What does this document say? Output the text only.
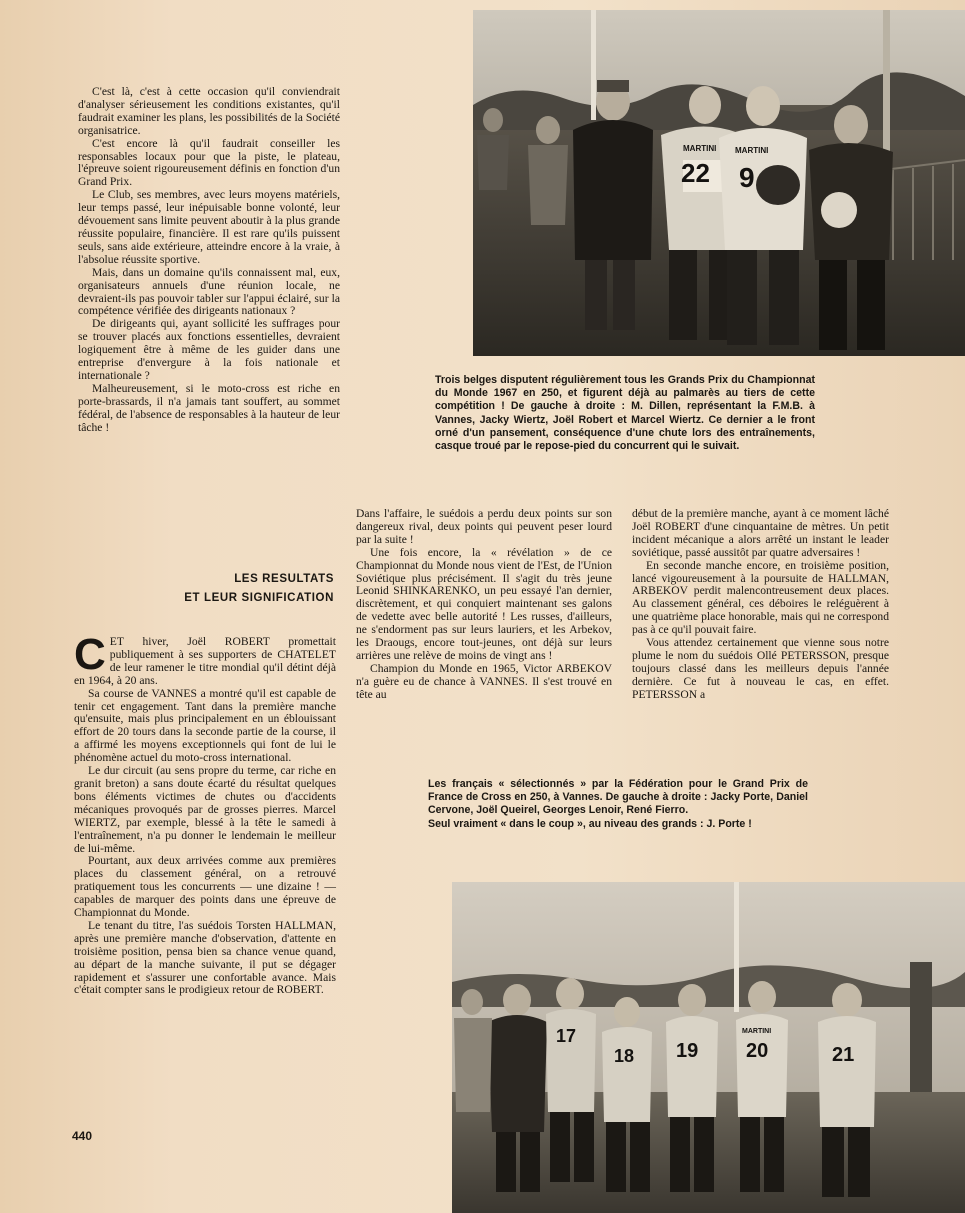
C'est là, c'est à cette occasion qu'il conviendrait d'analyser sérieusement les conditions existantes, qu'il faudrait examiner les plans, les possibilités de la Société organisatrice.

C'est encore là qu'il faudrait conseiller les responsables locaux pour que la piste, le plateau, l'épreuve soient rigoureusement définis en fonction d'un Grand Prix.

Le Club, ses membres, avec leurs moyens matériels, leur temps passé, leur inépuisable bonne volonté, leur dévouement sans limite peuvent aboutir à la plus grande réussite populaire, financière. Il est rare qu'ils puissent seuls, sans aide extérieure, atteindre encore à la vraie, à l'absolue réussite sportive.

Mais, dans un domaine qu'ils connaissent mal, eux, organisateurs annuels d'une réunion locale, ne devraient-ils pas pouvoir tabler sur l'appui éclairé, sur la compétence vérifiée des dirigeants nationaux ?

De dirigeants qui, ayant sollicité les suffrages pour se trouver placés aux fonctions essentielles, devraient logiquement être à même de les guider dans une entreprise d'envergure à la fois nationale et internationale ?

Malheureusement, si le moto-cross est riche en porte-brassards, il n'a jamais tant souffert, au sommet fédéral, de l'absence de responsables à la hauteur de leur tâche !

LES RESULTATS
ET LEUR SIGNIFICATION

CET hiver, Joël ROBERT promettait publiquement à ses supporters de CHATELET de leur ramener le titre mondial qu'il détint déjà en 1964, à 20 ans.

Sa course de VANNES a montré qu'il est capable de tenir cet engagement. Tant dans la première manche qu'ensuite, mais plus principalement en un éblouissant effort de 20 tours dans la seconde partie de la course, il a affirmé les moyens exceptionnels qui font de lui le phénomène actuel du moto-cross international.

Le dur circuit (au sens propre du terme, car riche en granit breton) a sans doute écarté du résultat quelques bons éléments victimes de chutes ou d'accidents mécaniques provoqués par de grosses pierres. Marcel WIERTZ, par exemple, blessé à la tête le samedi à l'entraînement, n'a pu donner le lendemain le meilleur de lui-même.

Pourtant, aux deux arrivées comme aux premières places du classement général, on a retrouvé pratiquement tous les concurrents — une dizaine ! — capables de marquer des points dans une épreuve de Championnat du Monde.

Le tenant du titre, l'as suédois Torsten HALLMAN, après une première manche d'observation, d'attente en troisième position, pensa bien sa chance venue quand, au départ de la manche suivante, il put se dégager rapidement et s'assurer une confortable avance. Mais c'était compter sans le prodigieux retour de ROBERT.

440
22 9
MARTINI MARTINI

Trois belges disputent régulièrement tous les Grands Prix du Championnat du Monde 1967 en 250, et figurent déjà au palmarès au tiers de cette compétition ! De gauche à droite : M. Dillen, représentant la F.M.B. à Vannes, Jacky Wiertz, Joël Robert et Marcel Wiertz. Ce dernier a le front orné d'un pansement, conséquence d'une chute lors des entraînements, casque troué par le repose-pied du concurrent qui le suivait.

Dans l'affaire, le suédois a perdu deux points sur son dangereux rival, deux points qui peuvent peser lourd par la suite !

Une fois encore, la « révélation » de ce Championnat du Monde nous vient de l'Est, de l'Union Soviétique plus précisément. Il s'agit du très jeune Leonid SHINKARENKO, un peu essayé l'an dernier, discrètement, et qui conquiert maintenant ses galons de vedette avec belle autorité ! Les russes, d'ailleurs, ne s'endorment pas sur leurs lauriers, et les Arbekov, les Draougs, encore tout-jeunes, ont déjà sur leurs arrières une relève de moins de vingt ans !

Champion du Monde en 1965, Victor ARBEKOV n'a guère eu de chance à VANNES. Il s'est trouvé en tête au

début de la première manche, ayant à ce moment lâché Joël ROBERT d'une cinquantaine de mètres. Un petit incident mécanique a alors arrêté un instant le leader soviétique, passé aussitôt par quatre adversaires !

En seconde manche encore, en troisième position, lancé vigoureusement à la poursuite de HALLMAN, ARBEKOV perdit malencontreusement deux places. Au classement général, ces déboires le reléguèrent à une quatrième place honorable, mais qui ne correspond pas à ce qu'il pouvait faire.

Vous attendez certainement que vienne sous notre plume le nom du suédois Ollé PETERSSON, presque toujours classé dans les meilleurs depuis l'année dernière. Ce fut à nouveau le cas, en effet. PETERSSON a

Les français « sélectionnés » par la Fédération pour le Grand Prix de France de Cross en 250, à Vannes. De gauche à droite : Jacky Porte, Daniel Cervone, Joël Queirel, Georges Lenoir, René Fierro.

Seul vraiment « dans le coup », au niveau des grands : J. Porte !

17
18 19 20	21
MARTINI
